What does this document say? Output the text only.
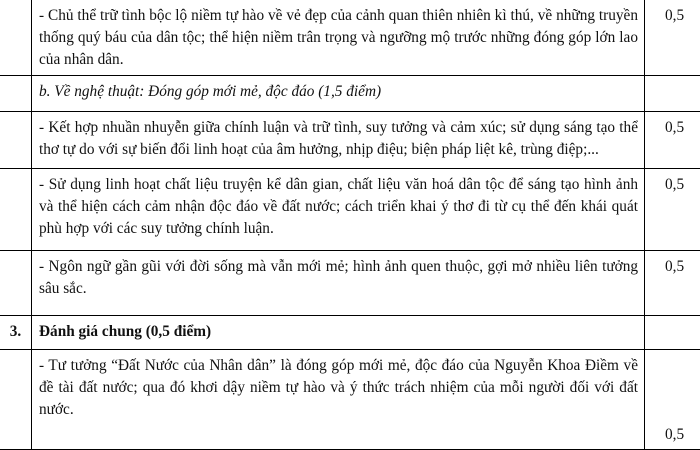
	- Chủ thể trữ tình bộc lộ niềm tự hào về vẻ đẹp của cảnh quan thiên nhiên kì thú, về những truyền thống quý báu của dân tộc; thể hiện niềm trân trọng và ngưỡng mộ trước những đóng góp lớn lao của nhân dân.	0,5

	b. Về nghệ thuật: Đóng góp mới mẻ, độc đáo (1,5 điểm)	

	- Kết hợp nhuần nhuyễn giữa chính luận và trữ tình, suy tưởng và cảm xúc; sử dụng sáng tạo thể thơ tự do với sự biến đổi linh hoạt của âm hưởng, nhịp điệu; biện pháp liệt kê, trùng điệp;...	0,5

	- Sử dụng linh hoạt chất liệu truyện kể dân gian, chất liệu văn hoá dân tộc để sáng tạo hình ảnh và thể hiện cách cảm nhận độc đáo về đất nước; cách triển khai ý thơ đi từ cụ thể đến khái quát phù hợp với các suy tưởng chính luận.	0,5

	- Ngôn ngữ gần gũi với đời sống mà vẫn mới mẻ; hình ảnh quen thuộc, gợi mở nhiều liên tưởng sâu sắc.	0,5

3.	Đánh giá chung (0,5 điểm)	

	- Tư tưởng “Đất Nước của Nhân dân” là đóng góp mới mẻ, độc đáo của Nguyễn Khoa Điềm về đề tài đất nước; qua đó khơi dậy niềm tự hào và ý thức trách nhiệm của mỗi người đối với đất nước.	0,5
